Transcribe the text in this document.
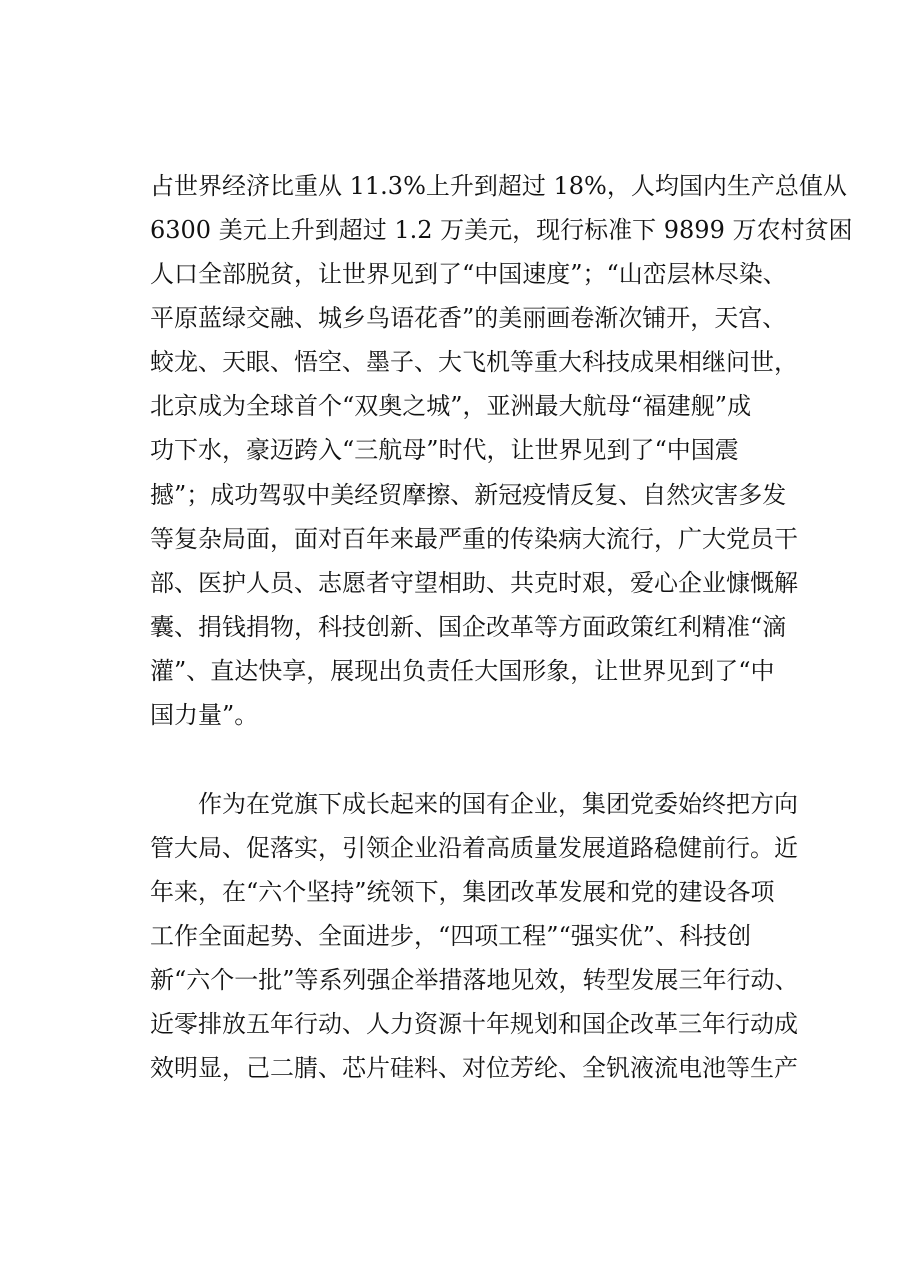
占世界经济比重从 11.3%上升到超过 18%，人均国内生产总值从
6300 美元上升到超过 1.2 万美元，现行标准下 9899 万农村贫困
人口全部脱贫，让世界见到了“中国速度”；“山峦层林尽染、
平原蓝绿交融、城乡鸟语花香”的美丽画卷渐次铺开，天宫、
蛟龙、天眼、悟空、墨子、大飞机等重大科技成果相继问世，
北京成为全球首个“双奥之城”，亚洲最大航母“福建舰”成
功下水，豪迈跨入“三航母”时代，让世界见到了“中国震
撼”；成功驾驭中美经贸摩擦、新冠疫情反复、自然灾害多发
等复杂局面，面对百年来最严重的传染病大流行，广大党员干
部、医护人员、志愿者守望相助、共克时艰，爱心企业慷慨解
囊、捐钱捐物，科技创新、国企改革等方面政策红利精准“滴
灌”、直达快享，展现出负责任大国形象，让世界见到了“中
国力量”。
作为在党旗下成长起来的国有企业，集团党委始终把方向
管大局、促落实，引领企业沿着高质量发展道路稳健前行。近
年来，在“六个坚持”统领下，集团改革发展和党的建设各项
工作全面起势、全面进步，“四项工程”“强实优”、科技创
新“六个一批”等系列强企举措落地见效，转型发展三年行动、
近零排放五年行动、人力资源十年规划和国企改革三年行动成
效明显，己二腈、芯片硅料、对位芳纶、全钒液流电池等生产
